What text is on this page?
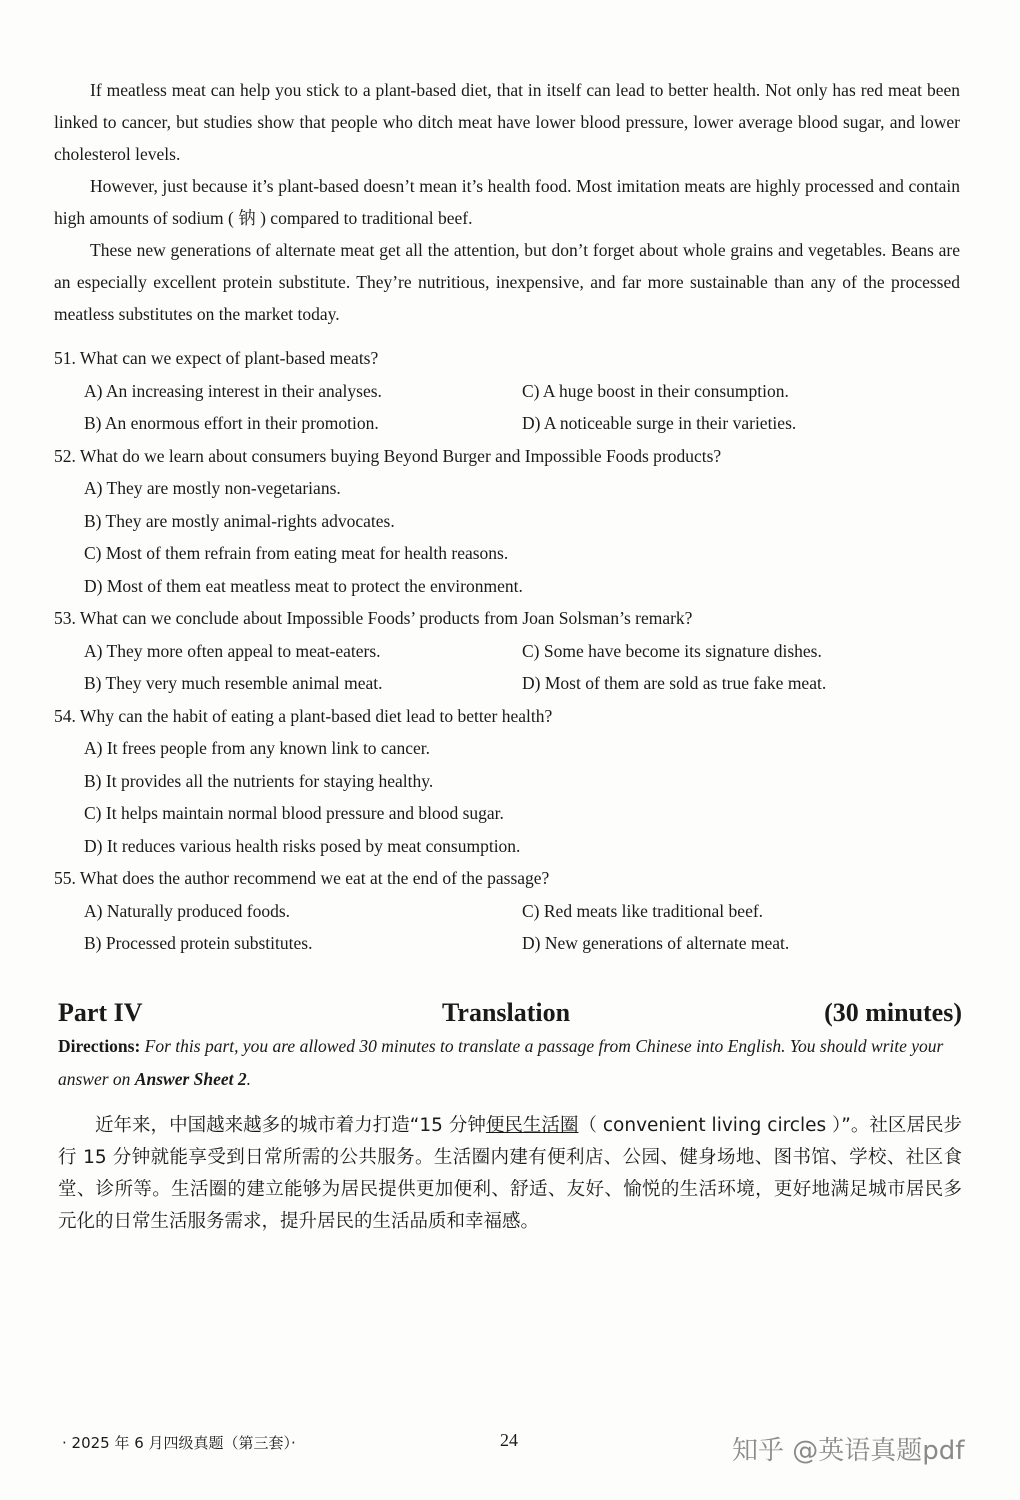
If meatless meat can help you stick to a plant-based diet, that in itself can lead to better health. Not only has red meat been linked to cancer, but studies show that people who ditch meat have lower blood pressure, lower average blood sugar, and lower cholesterol levels.

However, just because it’s plant-based doesn’t mean it’s health food. Most imitation meats are highly processed and contain high amounts of sodium ( 钠 ) compared to traditional beef.

These new generations of alternate meat get all the attention, but don’t forget about whole grains and vegetables. Beans are an especially excellent protein substitute. They’re nutritious, inexpensive, and far more sustainable than any of the processed meatless substitutes on the market today.

51. What can we expect of plant-based meats?
A) An increasing interest in their analyses.	C) A huge boost in their consumption.
B) An enormous effort in their promotion.	D) A noticeable surge in their varieties.
52. What do we learn about consumers buying Beyond Burger and Impossible Foods products?
A) They are mostly non-vegetarians.
B) They are mostly animal-rights advocates.
C) Most of them refrain from eating meat for health reasons.
D) Most of them eat meatless meat to protect the environment.
53. What can we conclude about Impossible Foods’ products from Joan Solsman’s remark?
A) They more often appeal to meat-eaters.	C) Some have become its signature dishes.
B) They very much resemble animal meat.	D) Most of them are sold as true fake meat.
54. Why can the habit of eating a plant-based diet lead to better health?
A) It frees people from any known link to cancer.
B) It provides all the nutrients for staying healthy.
C) It helps maintain normal blood pressure and blood sugar.
D) It reduces various health risks posed by meat consumption.
55. What does the author recommend we eat at the end of the passage?
A) Naturally produced foods.	C) Red meats like traditional beef.
B) Processed protein substitutes.	D) New generations of alternate meat.
Part IV	Translation	(30 minutes)
Directions: For this part, you are allowed 30 minutes to translate a passage from Chinese into English. You should write your answer on Answer Sheet 2.
近年来，中国越来越多的城市着力打造“15 分钟便民生活圈（ convenient living circles ）”。社区居民步行 15 分钟就能享受到日常所需的公共服务。生活圈内建有便利店、公园、健身场地、图书馆、学校、社区食堂、诊所等。生活圈的建立能够为居民提供更加便利、舒适、友好、愉悦的生活环境，更好地满足城市居民多元化的日常生活服务需求，提升居民的生活品质和幸福感。
· 2025 年 6 月四级真题（第三套）·	24	知乎 @英语真题pdf
